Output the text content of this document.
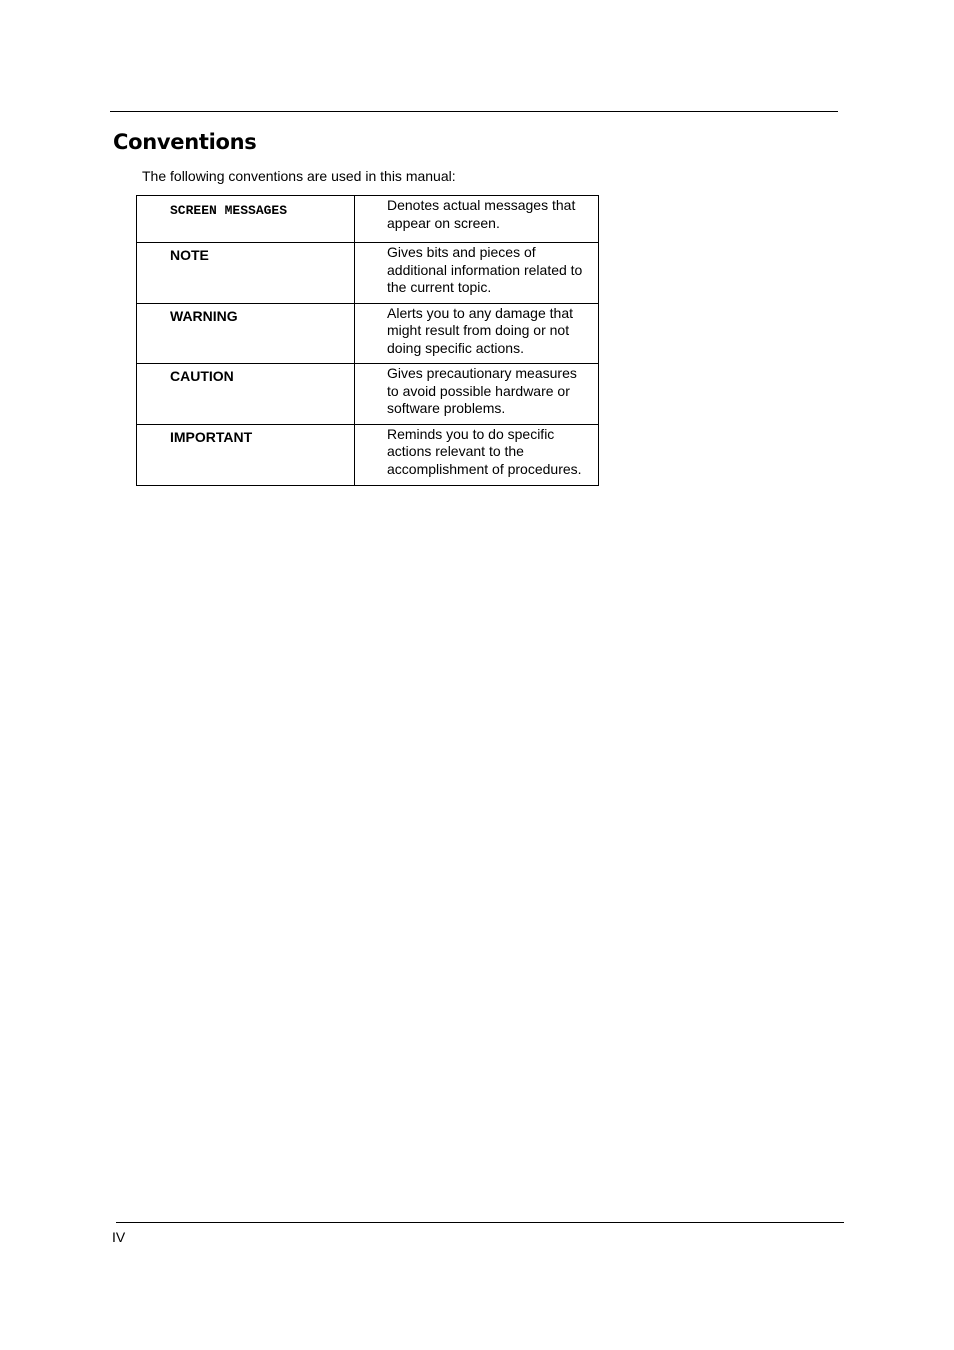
Conventions

The following conventions are used in this manual:

SCREEN MESSAGES	Denotes actual messages that appear on screen.
NOTE	Gives bits and pieces of additional information related to the current topic.
WARNING	Alerts you to any damage that might result from doing or not doing specific actions.
CAUTION	Gives precautionary measures to avoid possible hardware or software problems.
IMPORTANT	Reminds you to do specific actions relevant to the accomplishment of procedures.
IV
